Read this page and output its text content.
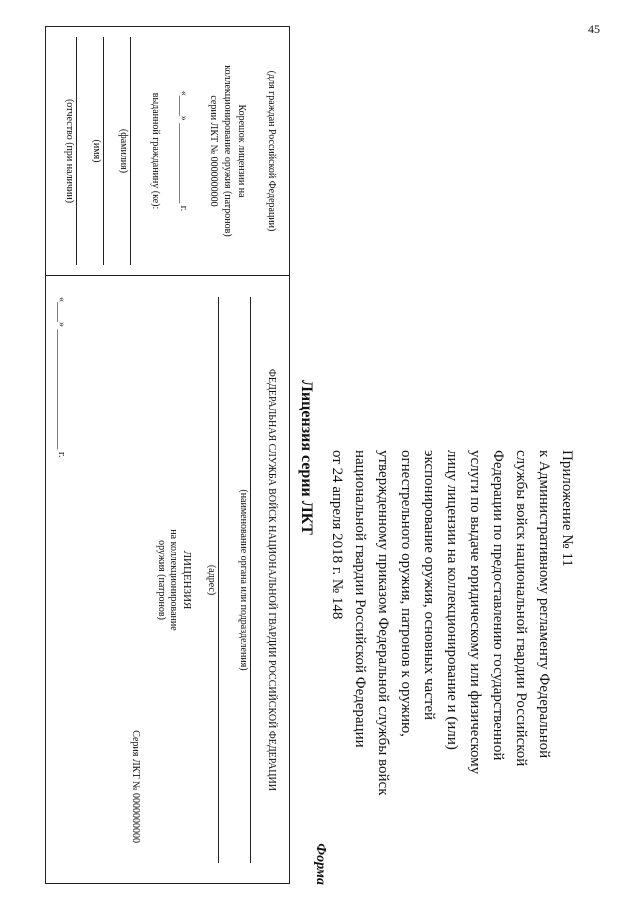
45
Приложение № 11
к Административному регламенту Федеральной
службы войск национальной гвардии Российской
Федерации по предоставлению государственной
услуги по выдаче юридическому или физическому
лицу лицензии на коллекционирование и (или)
экспонирование оружия, основных частей
огнестрельного оружия, патронов к оружию,
утвержденному приказом Федеральной службы войск
национальной гвардии Российской Федерации
от 24 апреля 2018 г. № 148
Форма
Лицензия серии ЛКТ
(для граждан Российской Федерации)
Корешок лицензии на
коллекционирование оружия (патронов)
серии ЛКТ № 0000000000
«____» ________________ г.
выданной гражданину (ке):
(фамилия)
(имя)
(отчество (при наличии)
ФЕДЕРАЛЬНАЯ СЛУЖБА ВОЙСК НАЦИОНАЛЬНОЙ ГВАРДИИ РОССИЙСКОЙ ФЕДЕРАЦИИ
(наименование органа или подразделения)
(адрес)
ЛИЦЕНЗИЯ
на коллекционирование
оружия (патронов)
Серия ЛКТ № 0000000000
«____» ________________________ г.
